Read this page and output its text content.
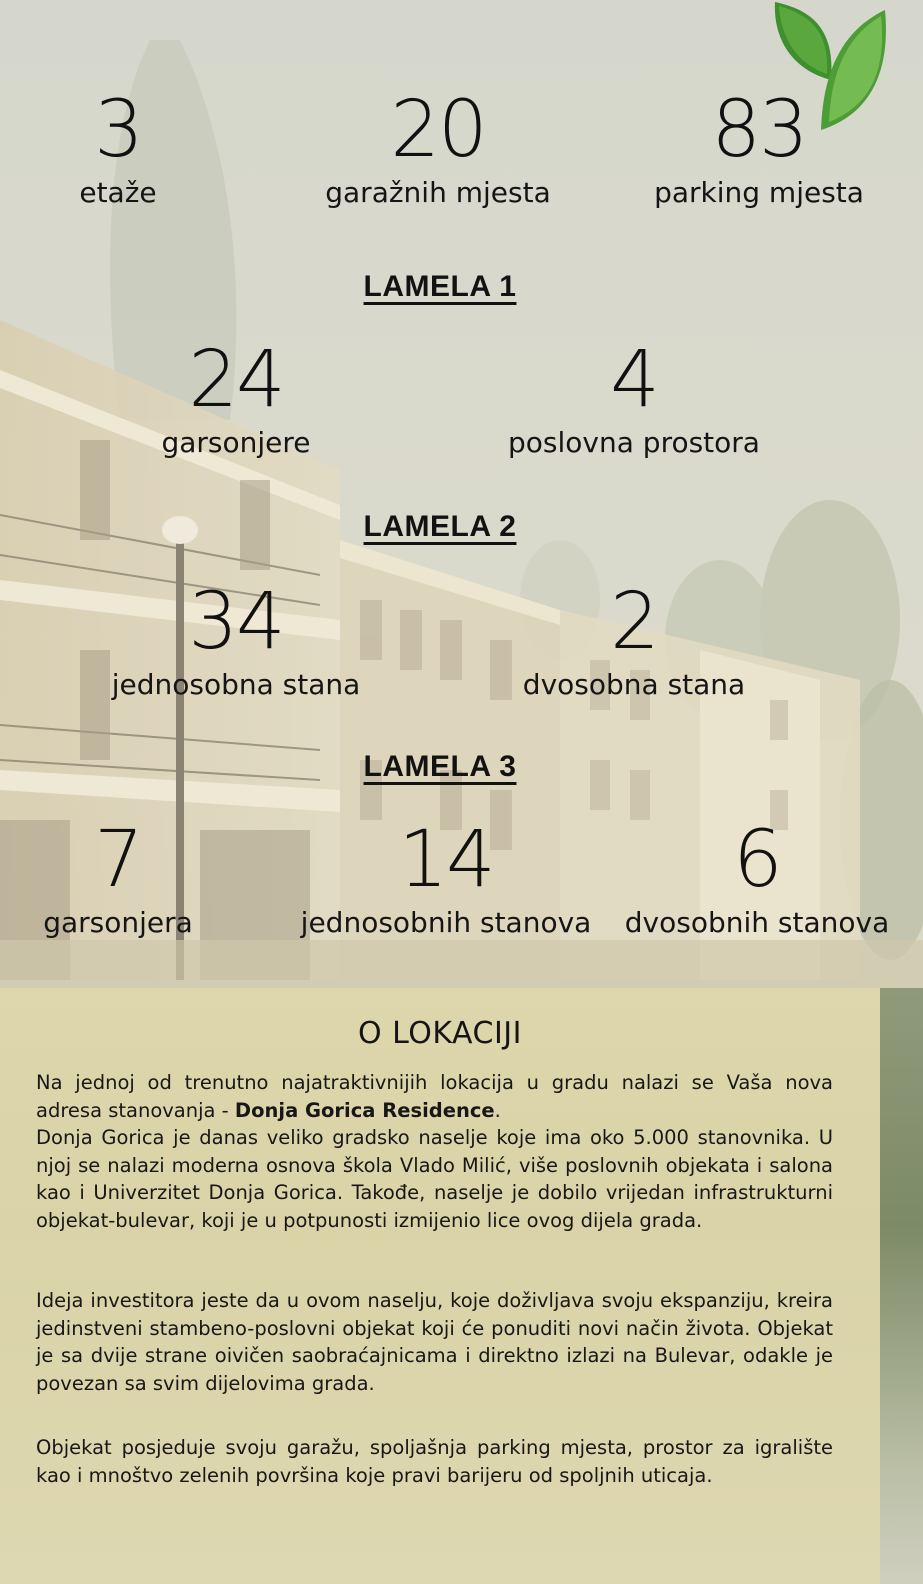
3
etaže
20
garažnih mjesta
83
parking mjesta
LAMELA 1
24
garsonjere
4
poslovna prostora
LAMELA 2
34
jednosobna stana
2
dvosobna stana
LAMELA 3
7
garsonjera
14
jednosobnih stanova
6
dvosobnih stanova
O LOKACIJI

Na jednoj od trenutno najatraktivnijih lokacija u gradu nalazi se Vaša nova adresa stanovanja - Donja Gorica Residence.
Donja Gorica je danas veliko gradsko naselje koje ima oko 5.000 stanovnika. U njoj se nalazi moderna osnova škola Vlado Milić, više poslovnih objekata i salona kao i Univerzitet Donja Gorica. Takođe, naselje je dobilo vrijedan infrastrukturni objekat-bulevar, koji je u potpunosti izmijenio lice ovog dijela grada.

Ideja investitora jeste da u ovom naselju, koje doživljava svoju ekspanziju, kreira jedinstveni stambeno-poslovni objekat koji će ponuditi novi način života. Objekat je sa dvije strane oivičen saobraćajnicama i direktno izlazi na Bulevar, odakle je povezan sa svim dijelovima grada.

Objekat posjeduje svoju garažu, spoljašnja parking mjesta, prostor za igralište kao i mnoštvo zelenih površina koje pravi barijeru od spoljnih uticaja.
